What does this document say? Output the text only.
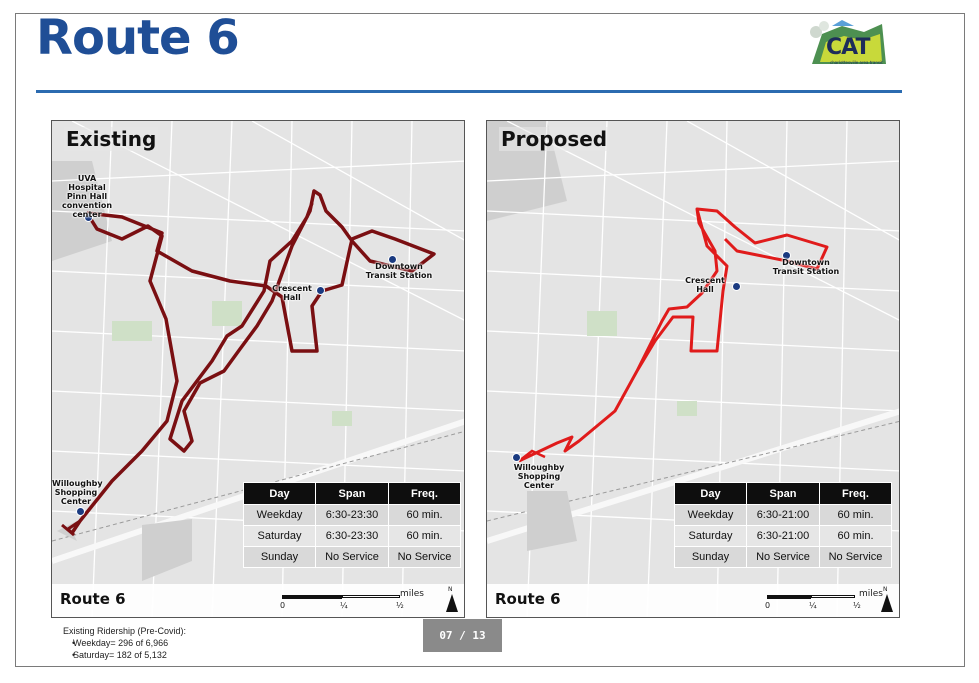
Route 6	CAT
charlottesville area transit
UVA Hospital Pinn Hall convention center
Crescent Hall
Downtown Transit Station
Willoughby Shopping Center
Existing
Day	Span	Freq.
Weekday	6:30-23:30	60 min.
Saturday	6:30-23:30	60 min.
Sunday	No Service	No Service
Route 6	0	¼	½
miles	N
Crescent Hall
Downtown Transit Station
Willoughby Shopping Center
Proposed
Day	Span	Freq.
Weekday	6:30-21:00	60 min.
Saturday	6:30-21:00	60 min.
Sunday	No Service	No Service
Route 6	0	¼	½
miles N
Existing Ridership (Pre-Covid):
• Weekday= 296 of 6,966
• Saturday= 182 of 5,132
07 / 13
